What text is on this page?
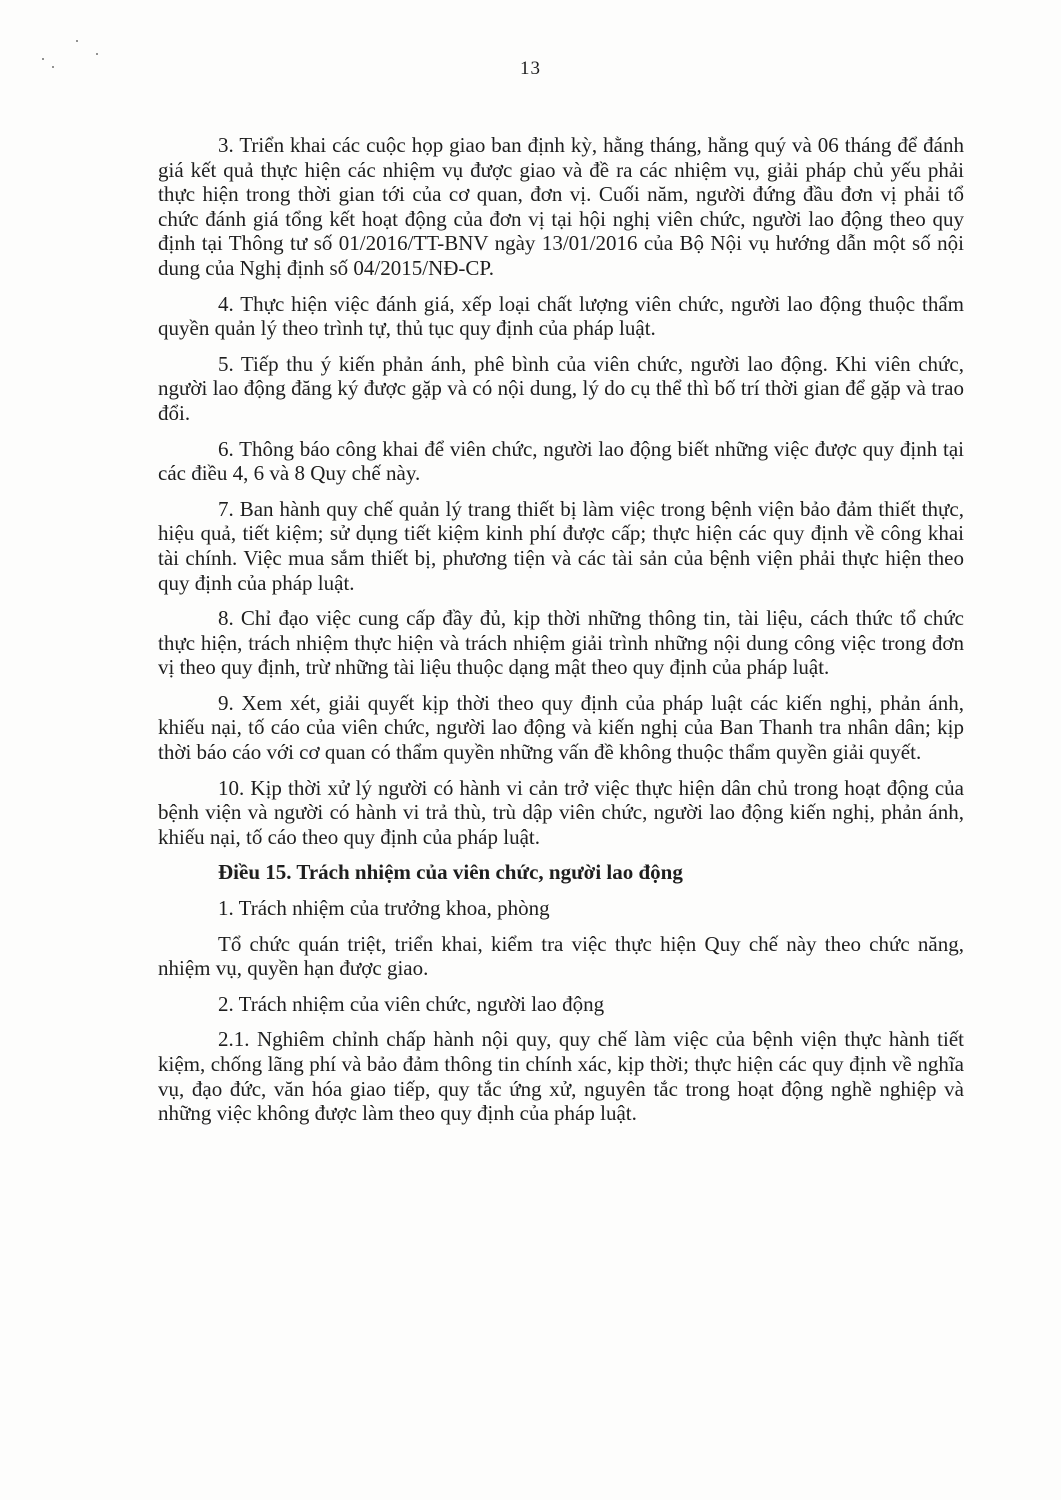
13

3. Triển khai các cuộc họp giao ban định kỳ, hằng tháng, hằng quý và 06 tháng để đánh giá kết quả thực hiện các nhiệm vụ được giao và đề ra các nhiệm vụ, giải pháp chủ yếu phải thực hiện trong thời gian tới của cơ quan, đơn vị. Cuối năm, người đứng đầu đơn vị phải tổ chức đánh giá tổng kết hoạt động của đơn vị tại hội nghị viên chức, người lao động theo quy định tại Thông tư số 01/2016/TT-BNV ngày 13/01/2016 của Bộ Nội vụ hướng dẫn một số nội dung của Nghị định số 04/2015/NĐ-CP.

4. Thực hiện việc đánh giá, xếp loại chất lượng viên chức, người lao động thuộc thẩm quyền quản lý theo trình tự, thủ tục quy định của pháp luật.

5. Tiếp thu ý kiến phản ánh, phê bình của viên chức, người lao động. Khi viên chức, người lao động đăng ký được gặp và có nội dung, lý do cụ thể thì bố trí thời gian để gặp và trao đổi.

6. Thông báo công khai để viên chức, người lao động biết những việc được quy định tại các điều 4, 6 và 8 Quy chế này.

7. Ban hành quy chế quản lý trang thiết bị làm việc trong bệnh viện bảo đảm thiết thực, hiệu quả, tiết kiệm; sử dụng tiết kiệm kinh phí được cấp; thực hiện các quy định về công khai tài chính. Việc mua sắm thiết bị, phương tiện và các tài sản của bệnh viện phải thực hiện theo quy định của pháp luật.

8. Chỉ đạo việc cung cấp đầy đủ, kịp thời những thông tin, tài liệu, cách thức tổ chức thực hiện, trách nhiệm thực hiện và trách nhiệm giải trình những nội dung công việc trong đơn vị theo quy định, trừ những tài liệu thuộc dạng mật theo quy định của pháp luật.

9. Xem xét, giải quyết kịp thời theo quy định của pháp luật các kiến nghị, phản ánh, khiếu nại, tố cáo của viên chức, người lao động và kiến nghị của Ban Thanh tra nhân dân; kịp thời báo cáo với cơ quan có thẩm quyền những vấn đề không thuộc thẩm quyền giải quyết.

10. Kịp thời xử lý người có hành vi cản trở việc thực hiện dân chủ trong hoạt động của bệnh viện và người có hành vi trả thù, trù dập viên chức, người lao động kiến nghị, phản ánh, khiếu nại, tố cáo theo quy định của pháp luật.

Điều 15. Trách nhiệm của viên chức, người lao động

1. Trách nhiệm của trưởng khoa, phòng

Tổ chức quán triệt, triển khai, kiểm tra việc thực hiện Quy chế này theo chức năng, nhiệm vụ, quyền hạn được giao.

2. Trách nhiệm của viên chức, người lao động

2.1. Nghiêm chỉnh chấp hành nội quy, quy chế làm việc của bệnh viện thực hành tiết kiệm, chống lãng phí và bảo đảm thông tin chính xác, kịp thời; thực hiện các quy định về nghĩa vụ, đạo đức, văn hóa giao tiếp, quy tắc ứng xử, nguyên tắc trong hoạt động nghề nghiệp và những việc không được làm theo quy định của pháp luật.
